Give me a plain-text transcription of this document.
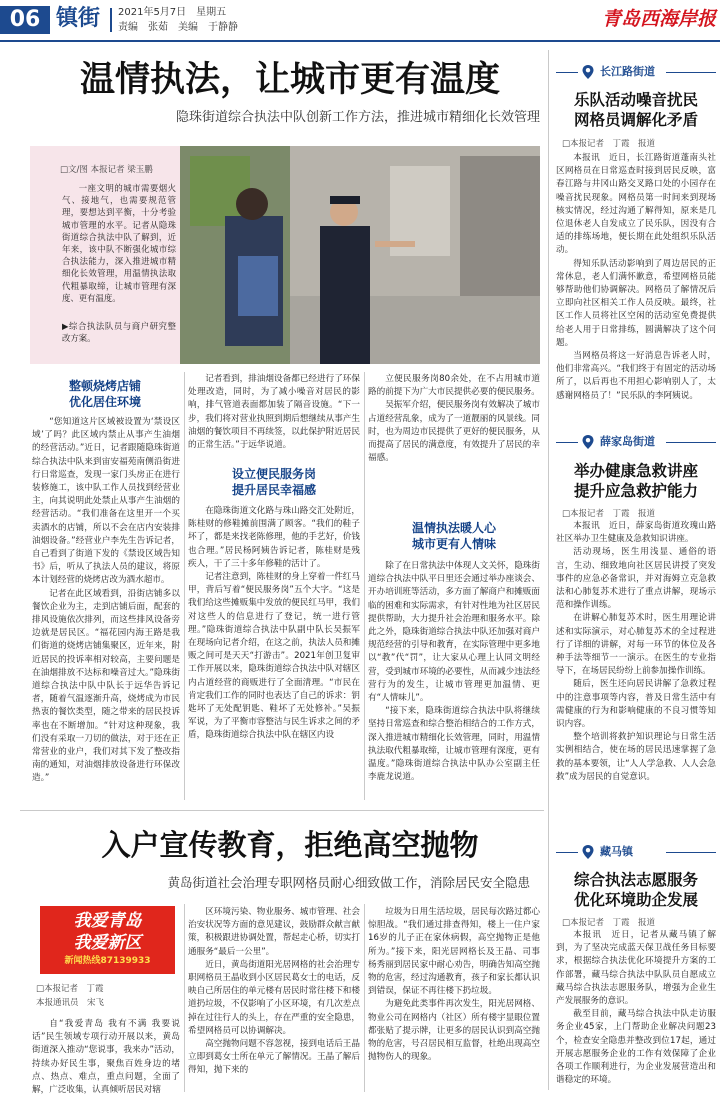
06 镇街 2021年5月7日　星期五
责编　张茹　美编　于静静	青岛西海岸报
温情执法，让城市更有温度
隐珠街道综合执法中队创新工作方法，推进城市精细化长效管理
□文/图 本报记者 梁玉鹏
一座文明的城市需要烟火气、接地气，也需要规范管理，要想达到平衡，十分考验城市管理的水平。记者从隐珠街道综合执法中队了解到，近年来，该中队不断强化城市综合执法能力，深入推进城市精细化长效管理，用温情执法取代粗暴取缔，让城市管理有深度、更有温度。
▶综合执法队员与商户研究整改方案。
整顿烧烤店铺
优化居住环境

“您知道这片区域被设置为‘禁设区域’了吗？此区域内禁止从事产生油烟的经营活动。”近日，记者跟随隐珠街道综合执法中队来到宙安福苑南侧沿街进行日常巡查，发现一家门头房正在进行装修施工，该中队工作人员找到经营业主，向其说明此处禁止从事产生油烟的经营活动。“我们准备在这里开一个买卖酒水的店铺，所以不会在店内安装排油烟设备。”经营业户李先生告诉记者，自己看到了街道下发的《禁设区域告知书》后，听从了执法人员的建议，将原本计划经营的烧烤店改为酒水超市。

记者在此区域看到，沿街店铺多以餐饮企业为主，走到店铺后面，配套的排风设施依次排列，而这些排风设备旁边就是居民区。“福花园内海王路是我们街道的烧烤店铺集聚区，近年来，附近居民的投诉率相对较高，主要问题是在油烟排放不达标和噪音过大。”隐珠街道综合执法中队中队长于远华告诉记者，随着气温逐渐升高，烧烤成为市民热衷的餐饮类型，随之带来的居民投诉率也在不断增加。“针对这种现象，我们没有采取一刀切的做法，对于还在正常营业的业户，我们对其下发了整改指南的通知，对油烟排放设备进行环保改造。”

记者看到，排油烟设备都已经进行了环保处理改造，同时，为了减小噪音对居民的影响，排气管道表面都加装了隔音设施。“下一步，我们将对营业执照到期后想继续从事产生油烟的餐饮项目不再续签，以此保护附近居民的正常生活。”于远华说道。

设立便民服务岗
提升居民幸福感

在隐珠街道文化路与珠山路交汇处附近，陈桂财的修鞋摊前围满了顾客。“我们的鞋子坏了，都是来找老陈修理，他的手艺好，价钱也合理。”居民杨阿姨告诉记者，陈桂财是残疾人，干了三十多年修鞋的活计了。

记者注意到，陈桂财的身上穿着一件红马甲，背后写着“便民服务岗”五个大字。“这是我们给这些摊贩集中发放的便民红马甲，我们对这些人的信息进行了登记，统一进行管理。”隐珠街道综合执法中队副中队长吴振军在现场向记者介绍，在这之前，执法人员和摊贩之间可是天天“打游击”。2021年创卫复审工作开展以来，隐珠街道综合执法中队对辖区内占道经营的商贩进行了全面清理。“市民在肯定我们工作的同时也表达了自己的诉求：钥匙坏了无处配钥匙、鞋坏了无处修补。”吴振军说，为了平衡市容整洁与民生诉求之间的矛盾，隐珠街道综合执法中队在辖区内设

立便民服务岗80余处，在不占用城市道路的前提下为广大市民提供必要的便民服务。

吴振军介绍，便民服务岗有效解决了城市占道经营乱象，成为了一道靓丽的风景线。同时，也为周边市民提供了更好的便民服务，从而提高了居民的满意度，有效提升了居民的幸福感。

温情执法暖人心
城市更有人情味

除了在日常执法中体现人文关怀，隐珠街道综合执法中队平日里还会通过举办座谈会、开办培训班等活动，多方面了解商户和摊贩面临的困难和实际需求，有针对性地为社区居民提供帮助，大力提升社会治理和服务水平。除此之外，隐珠街道综合执法中队还加强对商户规范经营的引导和教育，在实际管理中更多地以“教”代“罚”，让大家从心理上认同文明经营，受到城市环境的必要性，从而减少违法经营行为的发生，让城市管理更加温情、更有“人情味儿”。

“接下来，隐珠街道综合执法中队将继续坚持日常巡查和综合整治相结合的工作方式，深入推进城市精细化长效管理，同时，用温情执法取代粗暴取缔，让城市管理有深度，更有温度。”隐珠街道综合执法中队办公室副主任李鹿龙说道。

入户宣传教育，拒绝高空抛物
黄岛街道社会治理专职网格员耐心细致做工作，消除居民安全隐患
我爱青岛
我爱新区
新闻热线87139933
□本报记者　丁霞
本报通讯员　宋飞

自“我爱青岛 我有不满 我要说话”民生领域专项行动开展以来，黄岛街道深入推动“您说事，我来办”活动，持续办好民生事，聚焦百姓身边的堵点、热点、难点，重点问题，全面了解，广泛收集，认真倾听居民对辖

区环境污染、物业服务、城市管理、社会治安状况等方面的意见建议，鼓励群众献言献策，积极跟进协调处置，帮起走心桥，切实打通服务“最后一公里”。

近日，黄岛街道阳光居网格的社会治理专职网格员王晶收到小区居民葛女士的电话，反映自己所居住的单元楼有居民时常往楼下和楼道扔垃圾，不仅影响了小区环境，有几次差点掉在过往行人的头上，存在严重的安全隐患，希望网格员可以协调解决。

高空抛物问题不容忽视，接到电话后王晶立即到葛女士所在单元了解情况。王晶了解后得知，抛下来的

垃圾为日用生活垃圾，居民每次路过都心惊胆战。“我们通过排查得知，楼上一住户家16岁的儿子正在家休病假，高空抛物正是他所为。”接下来，阳光居网格长及王晶、司事杨秀丽到居民家中耐心劝告，明确告知高空抛物的危害，经过沟通教育，孩子和家长都认识到错误，保证不再往楼下扔垃圾。

为避免此类事件再次发生，阳光居网格、物业公司在网格内（社区）所有楼宇显眼位置都张贴了提示牌，让更多的居民认识到高空抛物的危害，号召居民相互监督，杜绝出现高空抛物伤人的现象。

长江路街道
乐队活动噪音扰民
网格员调解化矛盾
□本报记者　丁霞　报道

本报讯　近日，长江路街道蓬南头社区网格员在日常巡查时接到居民反映，富春江路与井冈山路交叉路口处的小园存在噪音扰民现象。网格员第一时间来到现场核实情况，经过沟通了解得知，原来是几位退休老人自发成立了民乐队，因没有合适的排练场地，便长期在此处组织乐队活动。

得知乐队活动影响到了周边居民的正常休息，老人们满怀歉意，希望网格员能够帮助他们协调解决。网格员了解情况后立即向社区相关工作人员反映。最终，社区工作人员将社区空闲的活动室免费提供给老人用于日常排练，圆满解决了这个问题。

当网格员将这一好消息告诉老人时，他们非常高兴。“我们终于有固定的活动场所了，以后再也不用担心影响别人了，太感谢网格员了！”民乐队的李阿姨说。

薛家岛街道
举办健康急救讲座
提升应急救护能力
□本报记者　丁霞　报道

本报讯　近日，薛家岛街道玫瑰山路社区举办卫生健康及急救知识讲座。

活动现场，医生用浅显、通俗的语言，生动、细致地向社区居民讲授了突发事件的应急必备常识，并对海姆立克急救法和心肺复苏术进行了重点讲解，现场示范和操作训练。

在讲解心肺复苏术时，医生用理论讲述和实际演示，对心肺复苏术的全过程进行了详细的讲解，对每一环节的体位及各种手法等细节一一演示。在医生的专业指导下，在场居民纷纷上前参加操作训练。

随后，医生还向居民讲解了急救过程中的注意事项等内容，普及日常生活中有需健康的行为和影响健康的不良习惯等知识内容。

整个培训将救护知识理论与日常生活实例相结合，使在场的居民迅速掌握了急救的基本要领，让“人人学急救、人人会急救”成为居民的自觉意识。

藏马镇
综合执法志愿服务
优化环境助企发展
□本报记者　丁霞　报道

本报讯　近日，记者从藏马镇了解到，为了坚决完成蓝天保卫战任务目标要求，根据综合执法优化环境提升方案的工作部署，藏马综合执法中队队员自愿成立藏马综合执法志愿服务队，增强为企业生产发展服务的意识。

截至目前，藏马综合执法中队走访服务企业45家，上门帮助企业解决问题23个，检查安全隐患并整改到位17起，通过开展志愿服务企业的工作有效保障了企业各项工作顺利进行，为企业发展营造出和谐稳定的环境。
